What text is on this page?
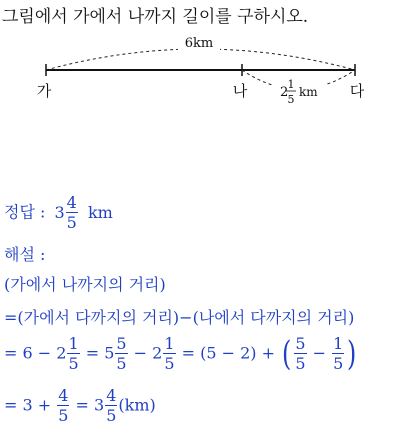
그림에서 가에서 나까지 길이를 구하시오.
6km
2
1
5
km
가	나	다
정답 : $3 \frac{4}{5}$ km
해설 :
(가에서 나까지의 거리)
=(가에서 다까지의 거리)−(나에서 다까지의 거리)
= $6 - 2 \frac{1}{5} = 5 \frac{5}{5} - 2 \frac{1}{5} = (5 - 2)$ + ( $\frac{5}{5} - \frac{1}{5}$ )
= $3 + \frac{4}{5} = 3 \frac{4}{5} (km)$
